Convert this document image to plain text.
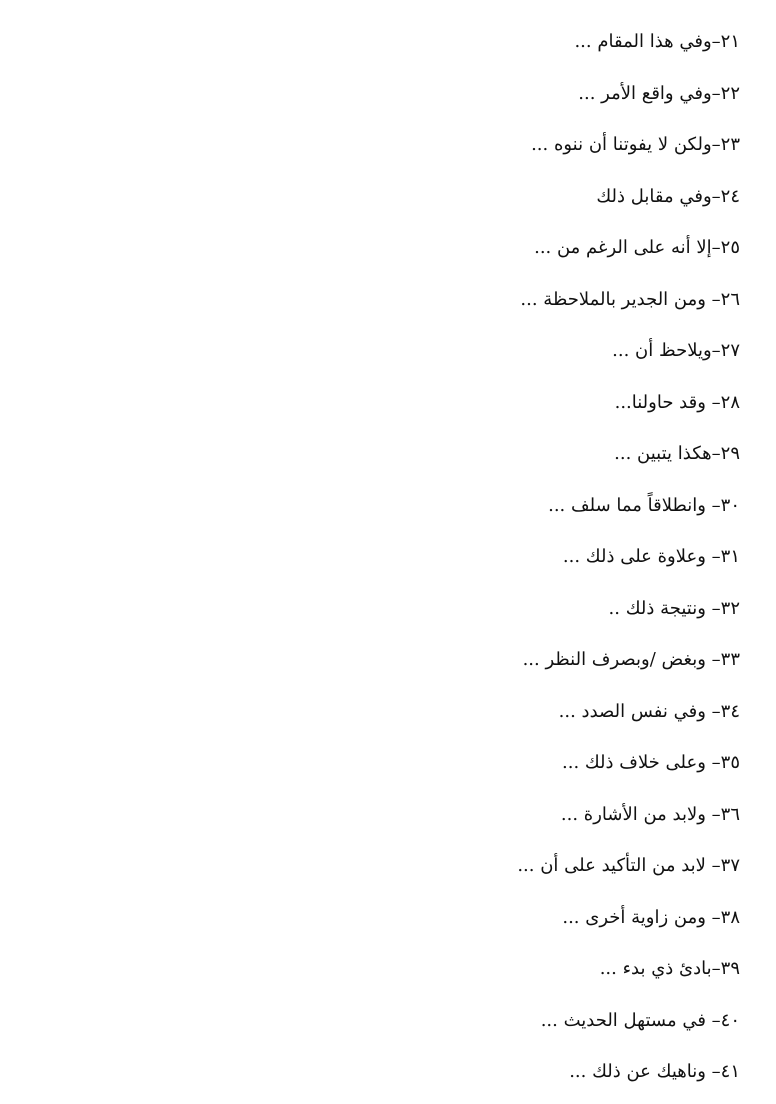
٢١–وفي هذا المقام ...
٢٢–وفي واقع الأمر ...
٢٣–ولكن لا يفوتنا أن ننوه ...
٢٤–وفي مقابل ذلك
٢٥–إلا أنه على الرغم من ...
٢٦– ومن الجدير بالملاحظة ...
٢٧–ويلاحظ أن ...
٢٨– وقد حاولنا...
٢٩–هكذا يتبين ...
٣٠– وانطلاقاً مما سلف ...
٣١– وعلاوة على ذلك ...
٣٢– ونتيجة ذلك ..
٣٣– وبغض /وبصرف النظر ...
٣٤– وفي نفس الصدد ...
٣٥– وعلى خلاف ذلك ...
٣٦– ولابد من الأشارة ...
٣٧– لابد من التأكيد على أن ...
٣٨– ومن زاوية أخرى ...
٣٩–بادئ ذي بدء ...
٤٠– في مستهل الحديث ...
٤١– وناهيك عن ذلك ...
